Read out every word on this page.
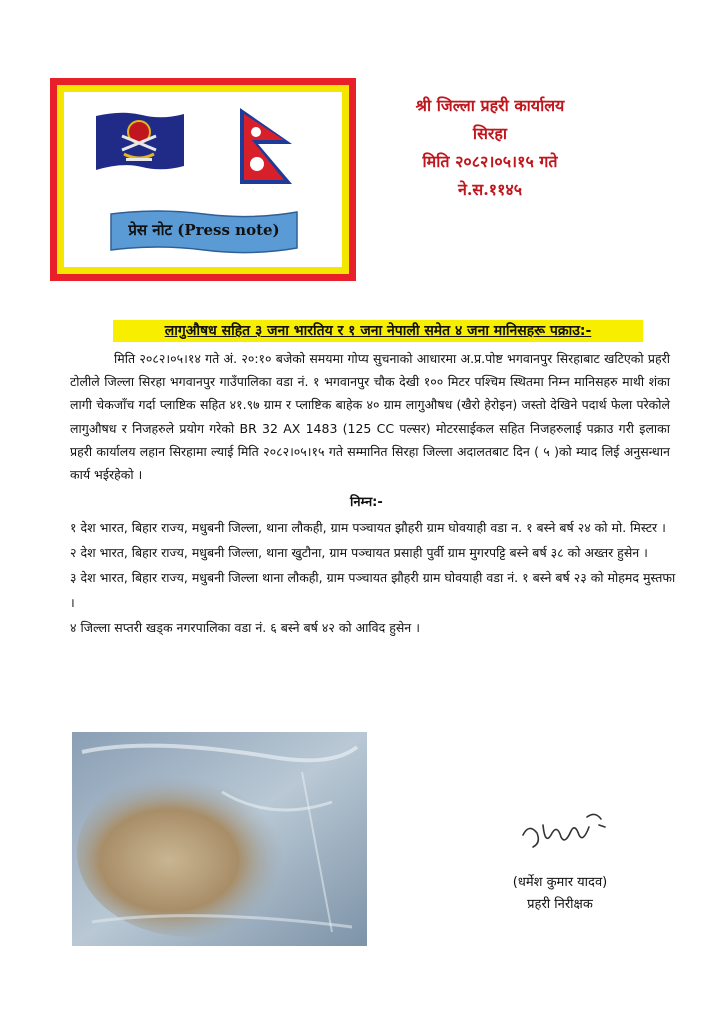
प्रेस नोट (Press note)
श्री जिल्ला प्रहरी कार्यालय सिरहा
मिति २०८२।०५।१५ गते
ने.स.११४५
लागुऔषध सहित ३ जना भारतिय र १ जना नेपाली समेत ४ जना मानिसहरू पक्राउ:-
मिति २०८२।०५।१४ गते अं. २०:१० बजेको समयमा गोप्य सुचनाको आधारमा अ.प्र.पोष्ट भगवानपुर सिरहाबाट खटिएको प्रहरी टोलीले जिल्ला सिरहा भगवानपुर गाउँपालिका वडा नं. १ भगवानपुर चौक देखी १०० मिटर पश्चिम स्थितमा निम्न मानिसहरु माथी शंका लागी चेकजाँच गर्दा प्लाष्टिक सहित ४१.९७ ग्राम र प्लाष्टिक बाहेक ४० ग्राम लागुऔषध (खैरो हेरोइन) जस्तो देखिने पदार्थ फेला परेकोले लागुऔषध र निजहरुले प्रयोग गरेको BR 32 AX 1483 (125 CC पल्सर) मोटरसाईकल सहित निजहरुलाई पक्राउ गरी इलाका प्रहरी कार्यालय लहान सिरहामा ल्याई मिति २०८२।०५।१५ गते सम्मानित सिरहा जिल्ला अदालतबाट दिन ( ५ )को म्याद लिई अनुसन्धान कार्य भईरहेको ।
निम्न:-
१ देश भारत, बिहार राज्य, मधुबनी जिल्ला, थाना लौकही, ग्राम पञ्चायत झौहरी ग्राम घोवयाही वडा न. १ बस्ने बर्ष २४ को मो. मिस्टर ।
२ देश भारत, बिहार राज्य, मधुबनी जिल्ला, थाना खुटौना, ग्राम पञ्चायत प्रसाही पुर्वी ग्राम मुगरपट्टि बस्ने बर्ष ३८ को अख्तर हुसेन ।
३ देश भारत, बिहार राज्य, मधुबनी जिल्ला थाना लौकही, ग्राम पञ्चायत झौहरी ग्राम घोवयाही वडा नं. १ बस्ने बर्ष २३ को मोहमद मुस्तफा ।
४ जिल्ला सप्तरी खड्क नगरपालिका वडा नं. ६ बस्ने बर्ष ४२ को आविद हुसेन ।
(धर्मेश कुमार यादव)
प्रहरी निरीक्षक
